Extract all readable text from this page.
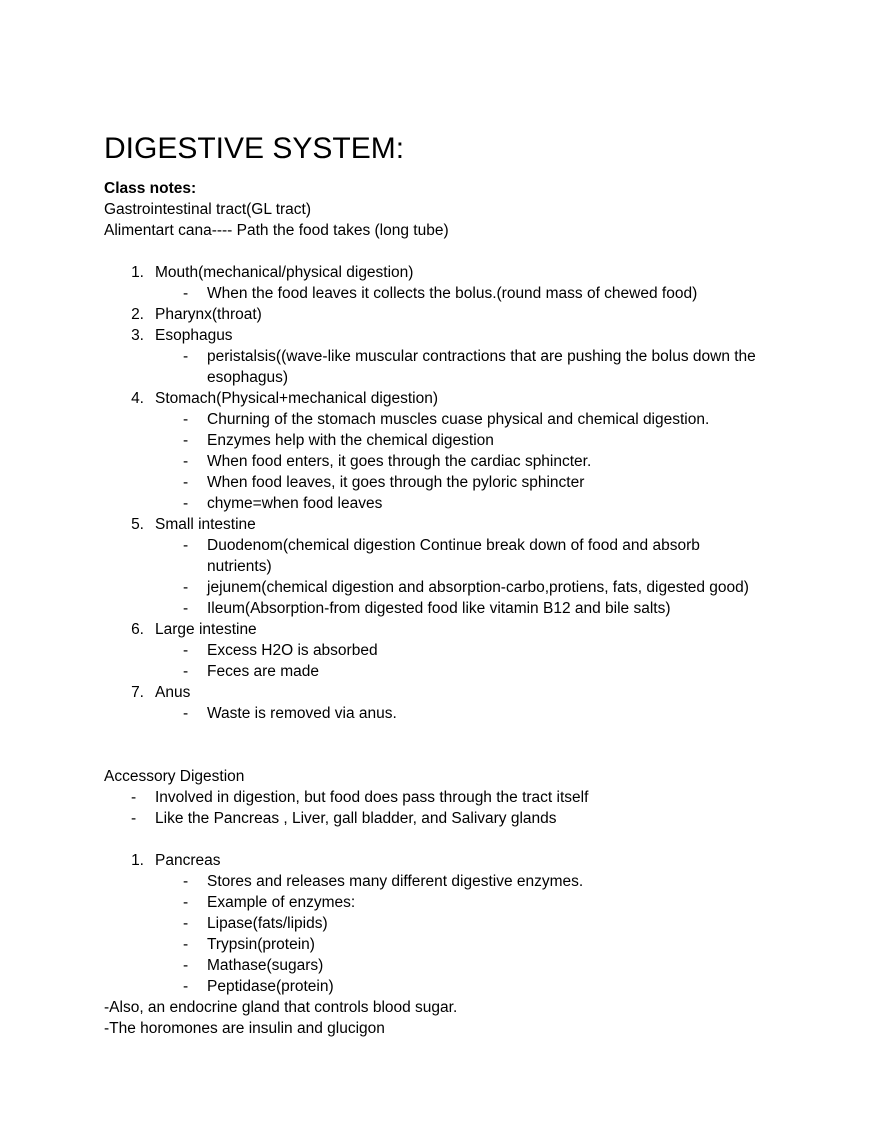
DIGESTIVE SYSTEM:
Class notes:
Gastrointestinal tract(GL tract)
Alimentart cana---- Path the food takes (long tube)
1. Mouth(mechanical/physical digestion)
- When the food leaves it collects the bolus.(round mass of chewed food)
2. Pharynx(throat)
3. Esophagus
- peristalsis((wave-like muscular contractions that are pushing the bolus down the
esophagus)
4. Stomach(Physical+mechanical digestion)
- Churning of the stomach muscles cuase physical and chemical digestion.
- Enzymes help with the chemical digestion
- When food enters, it goes through the cardiac sphincter.
- When food leaves, it goes through the pyloric sphincter
- chyme=when food leaves
5. Small intestine
- Duodenom(chemical digestion Continue break down of food and absorb
nutrients)
- jejunem(chemical digestion and absorption-carbo,protiens, fats, digested good)
- Ileum(Absorption-from digested food like vitamin B12 and bile salts)
6. Large intestine
- Excess H2O is absorbed
- Feces are made
7. Anus
- Waste is removed via anus.
Accessory Digestion
- Involved in digestion, but food does pass through the tract itself
- Like the Pancreas , Liver, gall bladder, and Salivary glands
1. Pancreas
- Stores and releases many different digestive enzymes.
- Example of enzymes:
- Lipase(fats/lipids)
- Trypsin(protein)
- Mathase(sugars)
- Peptidase(protein)
-Also, an endocrine gland that controls blood sugar.
-The horomones are insulin and glucigon
